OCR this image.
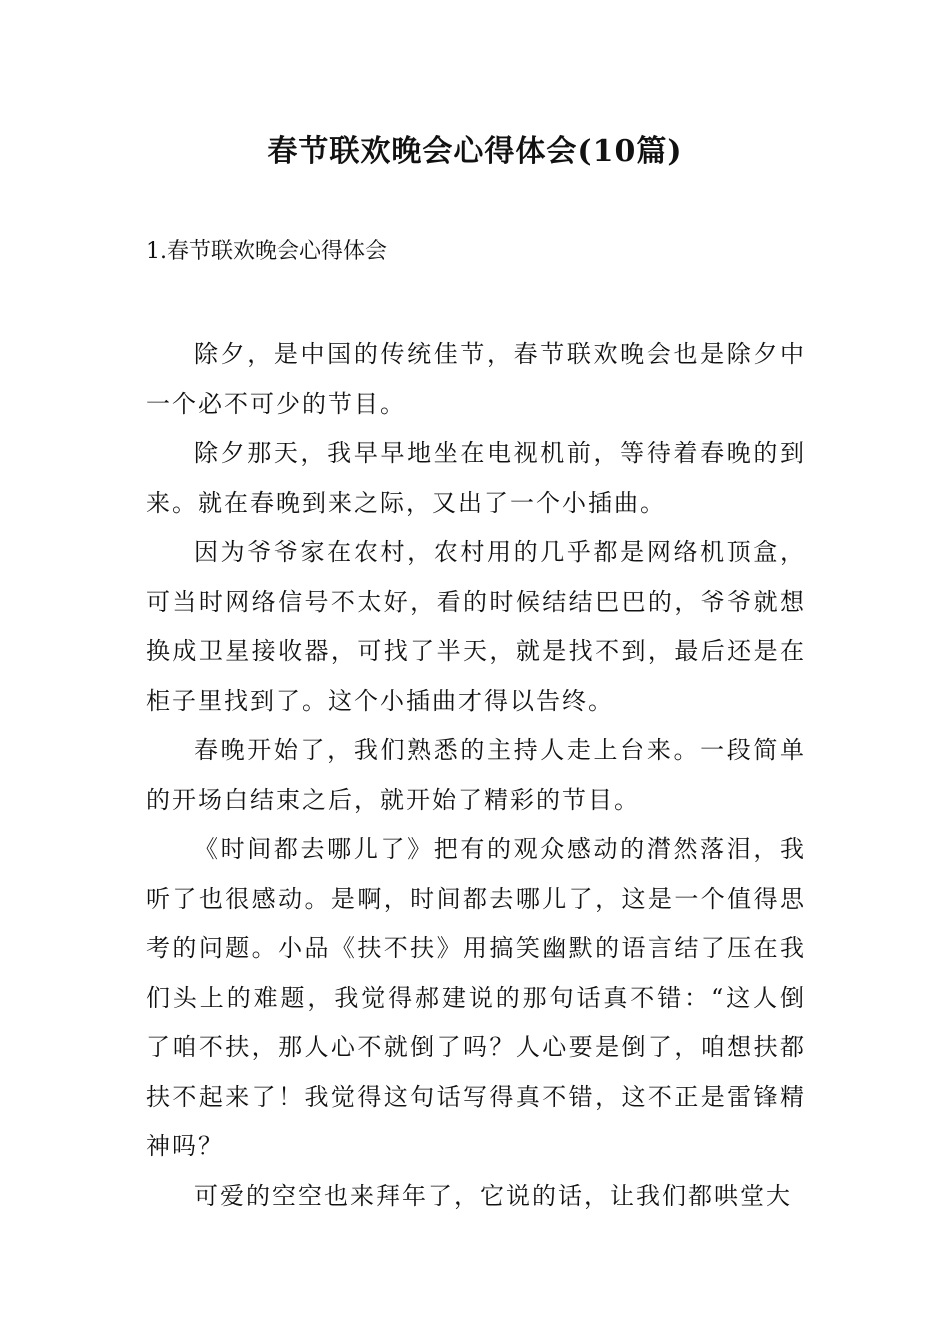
春节联欢晚会心得体会(10篇)
1.春节联欢晚会心得体会

除夕，是中国的传统佳节，春节联欢晚会也是除夕中一个必不可少的节目。

除夕那天，我早早地坐在电视机前，等待着春晚的到来。就在春晚到来之际，又出了一个小插曲。

因为爷爷家在农村，农村用的几乎都是网络机顶盒，可当时网络信号不太好，看的时候结结巴巴的，爷爷就想换成卫星接收器，可找了半天，就是找不到，最后还是在柜子里找到了。这个小插曲才得以告终。

春晚开始了，我们熟悉的主持人走上台来。一段简单的开场白结束之后，就开始了精彩的节目。

《时间都去哪儿了》把有的观众感动的潸然落泪，我听了也很感动。是啊，时间都去哪儿了，这是一个值得思考的问题。小品《扶不扶》用搞笑幽默的语言结了压在我们头上的难题，我觉得郝建说的那句话真不错：“这人倒了咱不扶，那人心不就倒了吗？人心要是倒了，咱想扶都扶不起来了！我觉得这句话写得真不错，这不正是雷锋精神吗？

可爱的空空也来拜年了，它说的话，让我们都哄堂大
